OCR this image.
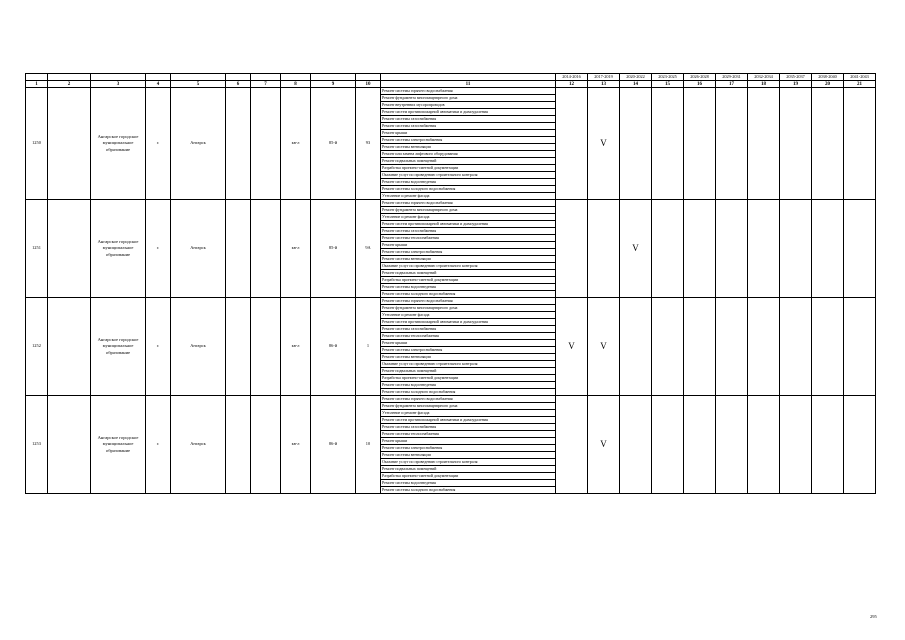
											2014-2016	2017-2019	2020-2022	2023-2025	2026-2028	2029-2031	2032-2034	2035-2037	2038-2040	2041-2043
1	2	3	4	5	6	7	8	9	10	11	12	13	14	15	16	17	18	19	20	21
1250		Ангарское городское муниципальное образование	г.	Ангарск			кв-л	85-й	93	Ремонт системы горячего водоснабжения		V								
										Ремонт фундамента многоквартирного дома										
										Ремонт внутренних мусоропроводов										
										Ремонт систем противопожарной автоматики и дымоудаления										
										Ремонт системы газоснабжения										
										Ремонт системы газоснабжения										
										Ремонт крыши										
										Ремонт системы электроснабжения										
										Ремонт системы вентиляции										
										Ремонт или замена лифтового оборудования										
										Ремонт подвальных помещений										
										Разработка проектно-сметной документации										
										Оказание услуг по проведению строительного контроля										
										Ремонт системы водоотведения										
										Ремонт системы холодного водоснабжения										
										Утепление и ремонт фасада										
1251		Ангарское городское муниципальное образование	г.	Ангарск			кв-л	85-й	9А	Ремонт системы горячего водоснабжения			V							
										Ремонт фундамента многоквартирного дома										
										Утепление и ремонт фасада										
										Ремонт систем противопожарной автоматики и дымоудаления										
										Ремонт системы газоснабжения										
										Ремонт системы теплоснабжения										
										Ремонт крыши										
										Ремонт системы электроснабжения										
										Ремонт системы вентиляции										
										Оказание услуг по проведению строительного контроля										
										Ремонт подвальных помещений										
										Разработка проектно-сметной документации										
										Ремонт системы водоотведения										
										Ремонт системы холодного водоснабжения										
1252		Ангарское городское муниципальное образование	г.	Ангарск			кв-л	86-й	1	Ремонт системы горячего водоснабжения	V	V								
										Ремонт фундамента многоквартирного дома										
										Утепление и ремонт фасада										
										Ремонт систем противопожарной автоматики и дымоудаления										
										Ремонт системы газоснабжения										
										Ремонт системы теплоснабжения										
										Ремонт крыши										
										Ремонт системы электроснабжения										
										Ремонт системы вентиляции										
										Оказание услуг по проведению строительного контроля										
										Ремонт подвальных помещений										
										Разработка проектно-сметной документации										
										Ремонт системы водоотведения										
										Ремонт системы холодного водоснабжения										
1253		Ангарское городское муниципальное образование	г.	Ангарск			кв-л	86-й	10	Ремонт системы горячего водоснабжения		V								
										Ремонт фундамента многоквартирного дома										
										Утепление и ремонт фасада										
										Ремонт систем противопожарной автоматики и дымоудаления										
										Ремонт системы газоснабжения										
										Ремонт системы теплоснабжения										
										Ремонт крыши										
										Ремонт системы электроснабжения										
										Ремонт системы вентиляции										
										Оказание услуг по проведению строительного контроля										
										Ремонт подвальных помещений										
										Разработка проектно-сметной документации										
										Ремонт системы водоотведения										
										Ремонт системы холодного водоснабжения										
295
